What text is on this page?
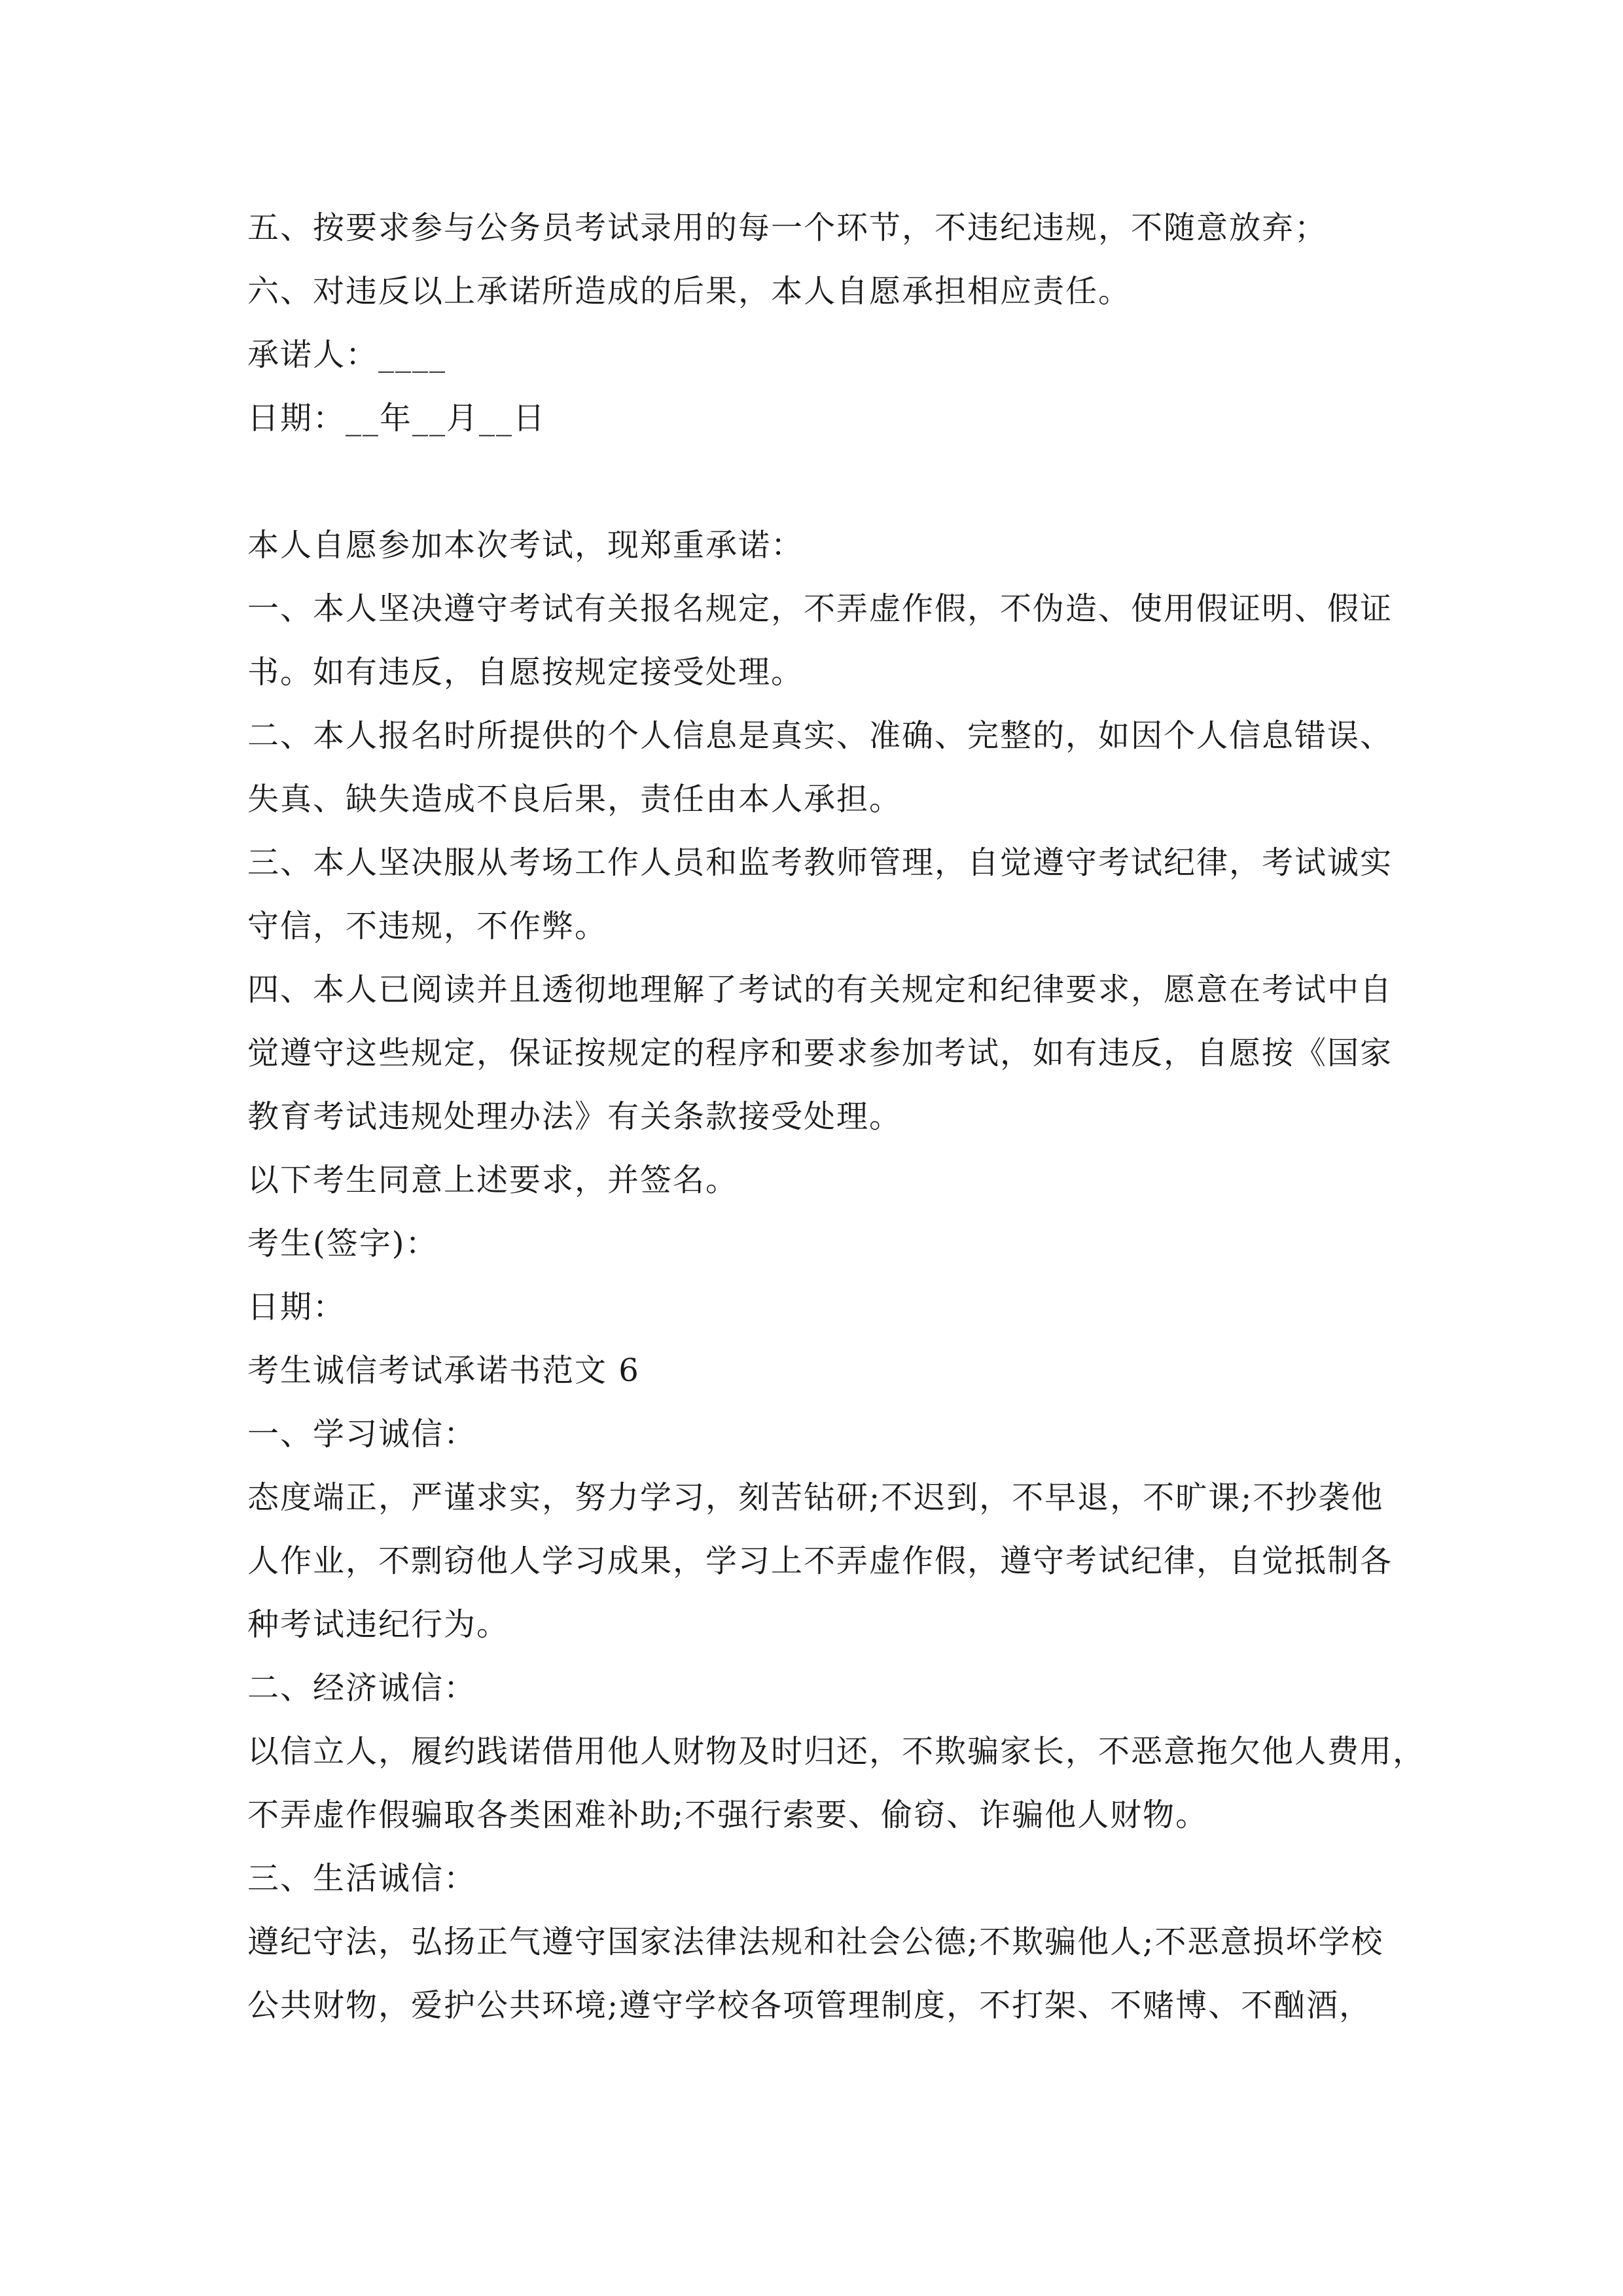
五、按要求参与公务员考试录用的每一个环节，不违纪违规，不随意放弃；
六、对违反以上承诺所造成的后果，本人自愿承担相应责任。
承诺人：____
日期：__年__月__日
本人自愿参加本次考试，现郑重承诺：
一、本人坚决遵守考试有关报名规定，不弄虚作假，不伪造、使用假证明、假证
书。如有违反，自愿按规定接受处理。
二、本人报名时所提供的个人信息是真实、准确、完整的，如因个人信息错误、
失真、缺失造成不良后果，责任由本人承担。
三、本人坚决服从考场工作人员和监考教师管理，自觉遵守考试纪律，考试诚实
守信，不违规，不作弊。
四、本人已阅读并且透彻地理解了考试的有关规定和纪律要求，愿意在考试中自
觉遵守这些规定，保证按规定的程序和要求参加考试，如有违反，自愿按《国家
教育考试违规处理办法》有关条款接受处理。
以下考生同意上述要求，并签名。
考生(签字)：
日期：
考生诚信考试承诺书范文 6
一、学习诚信：
态度端正，严谨求实，努力学习，刻苦钻研;不迟到，不早退，不旷课;不抄袭他
人作业，不剽窃他人学习成果，学习上不弄虚作假，遵守考试纪律，自觉抵制各
种考试违纪行为。
二、经济诚信：
以信立人，履约践诺借用他人财物及时归还，不欺骗家长，不恶意拖欠他人费用，
不弄虚作假骗取各类困难补助;不强行索要、偷窃、诈骗他人财物。
三、生活诚信：
遵纪守法，弘扬正气遵守国家法律法规和社会公德;不欺骗他人;不恶意损坏学校
公共财物，爱护公共环境;遵守学校各项管理制度，不打架、不赌博、不酗酒，
